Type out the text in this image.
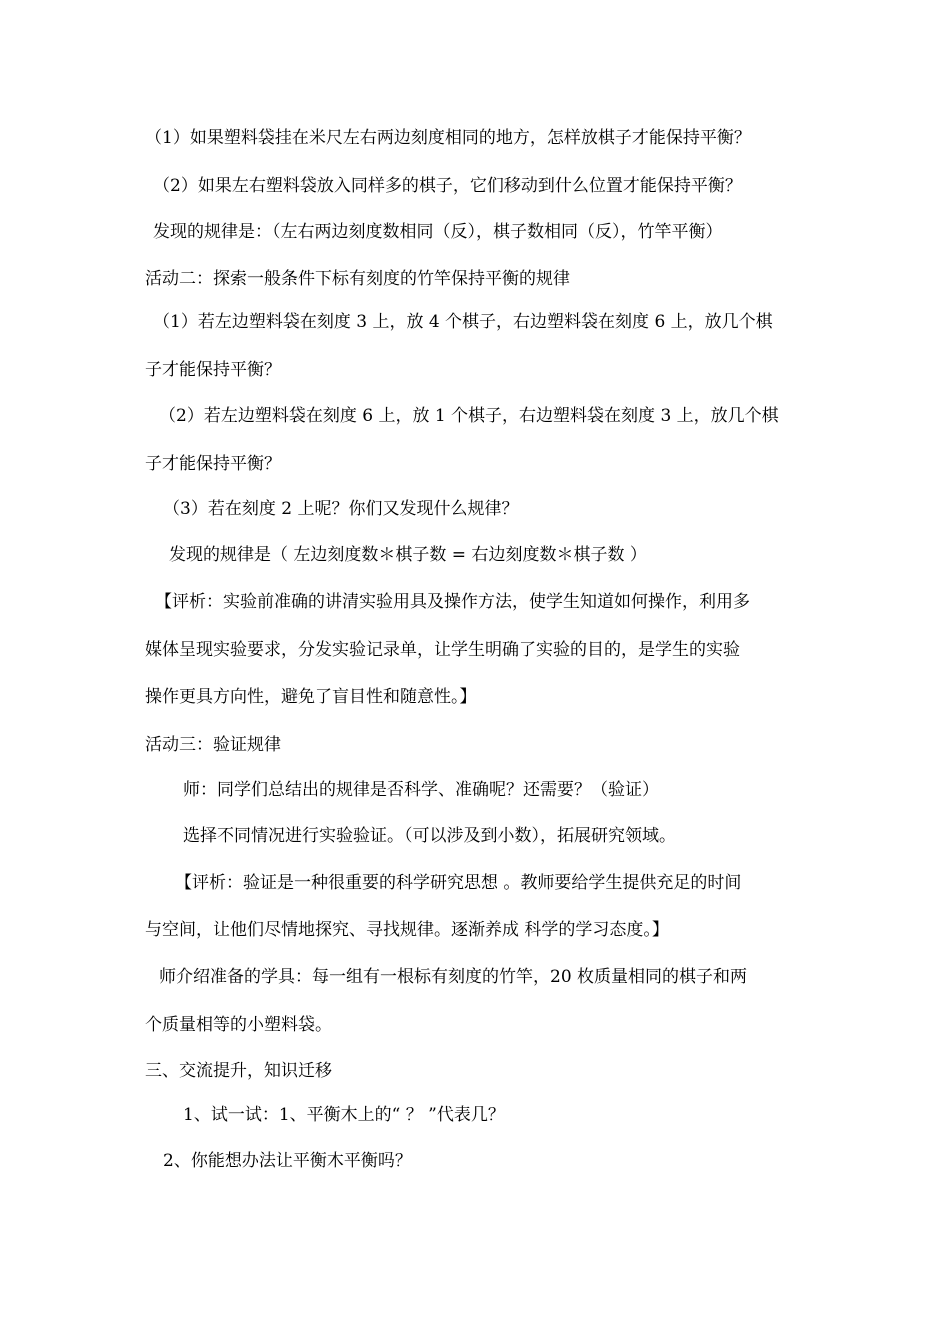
（1）如果塑料袋挂在米尺左右两边刻度相同的地方，怎样放棋子才能保持平衡？
（2）如果左右塑料袋放入同样多的棋子，它们移动到什么位置才能保持平衡？
发现的规律是：（左右两边刻度数相同（反），棋子数相同（反），竹竿平衡）
活动二：探索一般条件下标有刻度的竹竿保持平衡的规律
（1）若左边塑料袋在刻度 3 上，放 4 个棋子，右边塑料袋在刻度 6 上，放几个棋
子才能保持平衡？
（2）若左边塑料袋在刻度 6 上，放 1 个棋子，右边塑料袋在刻度 3 上，放几个棋
子才能保持平衡？
（3）若在刻度 2 上呢？你们又发现什么规律？
发现的规律是（ 左边刻度数＊棋子数 = 右边刻度数＊棋子数 ）
【评析：实验前准确的讲清实验用具及操作方法，使学生知道如何操作，利用多
媒体呈现实验要求，分发实验记录单，让学生明确了实验的目的，是学生的实验
操作更具方向性，避免了盲目性和随意性。】
活动三：验证规律
师：同学们总结出的规律是否科学、准确呢？还需要？（验证）
选择不同情况进行实验验证。（可以涉及到小数），拓展研究领域。
【评析：验证是一种很重要的科学研究思想 。教师要给学生提供充足的时间
与空间，让他们尽情地探究、寻找规律。逐渐养成 科学的学习态度。】
师介绍准备的学具：每一组有一根标有刻度的竹竿，20 枚质量相同的棋子和两
个质量相等的小塑料袋。
三、交流提升，知识迁移
1、试一试：1、平衡木上的“ ？ ”代表几？
2、你能想办法让平衡木平衡吗？
